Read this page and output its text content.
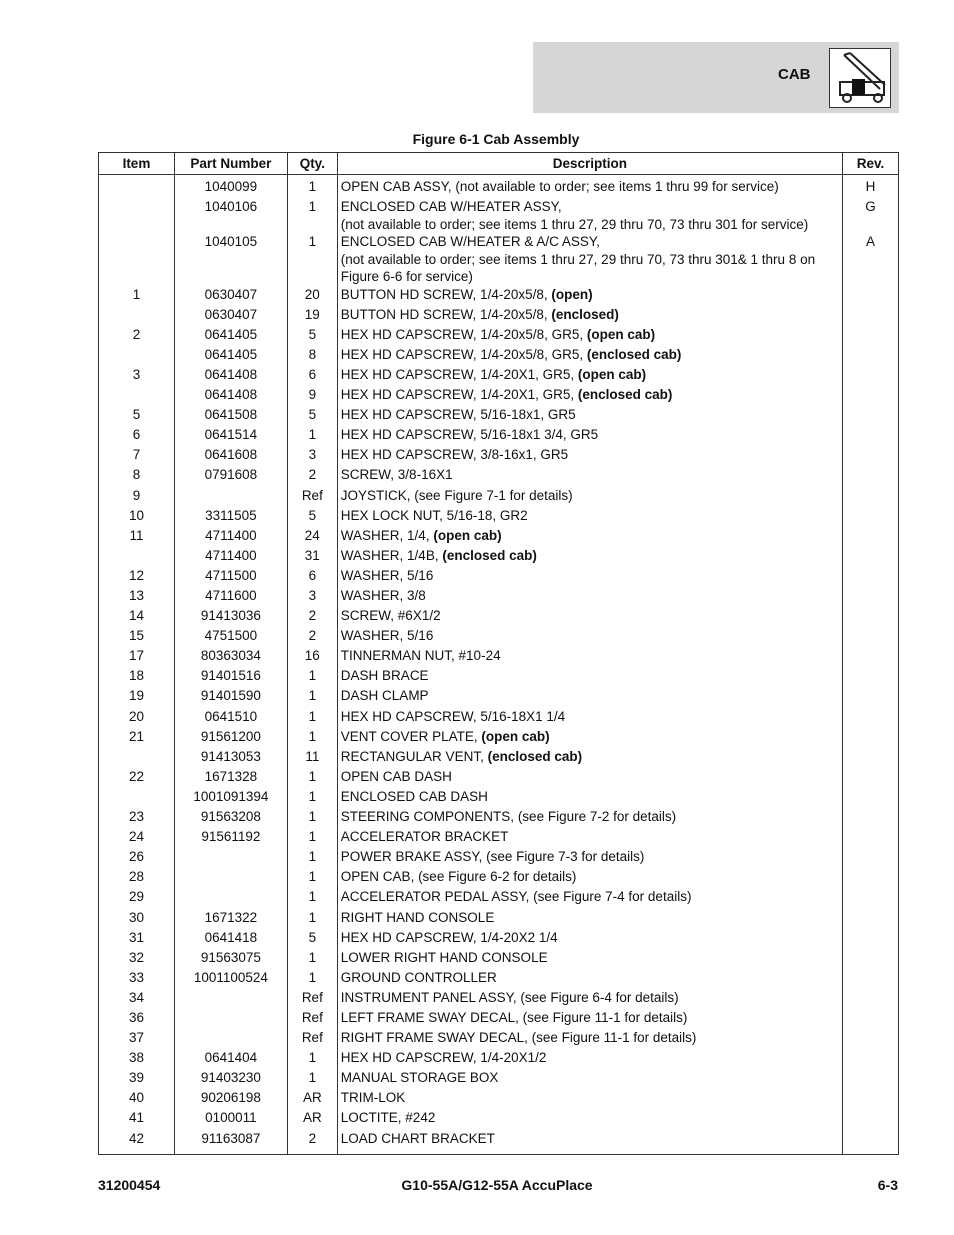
CAB
Figure 6-1 Cab Assembly
Item	Part Number	Qty.	Description	Rev.
	1040099	1	OPEN CAB ASSY, (not available to order; see items 1 thru 99 for service)	H
	1040106	1	ENCLOSED CAB W/HEATER ASSY,
(not available to order; see items 1 thru 27, 29 thru 70, 73 thru 301 for service)	G
	1040105	1	ENCLOSED CAB W/HEATER & A/C ASSY,
(not available to order; see items 1 thru 27, 29 thru 70, 73 thru 301& 1 thru 8 on Figure 6-6 for service)	A
1	0630407	20	BUTTON HD SCREW, 1/4-20x5/8, (open)	
	0630407	19	BUTTON HD SCREW, 1/4-20x5/8, (enclosed)	
2	0641405	5	HEX HD CAPSCREW, 1/4-20x5/8, GR5, (open cab)	
	0641405	8	HEX HD CAPSCREW, 1/4-20x5/8, GR5, (enclosed cab)	
3	0641408	6	HEX HD CAPSCREW, 1/4-20X1, GR5, (open cab)	
	0641408	9	HEX HD CAPSCREW, 1/4-20X1, GR5, (enclosed cab)	
5	0641508	5	HEX HD CAPSCREW, 5/16-18x1, GR5	
6	0641514	1	HEX HD CAPSCREW, 5/16-18x1 3/4, GR5	
7	0641608	3	HEX HD CAPSCREW, 3/8-16x1, GR5	
8	0791608	2	SCREW, 3/8-16X1	
9		Ref	JOYSTICK, (see Figure 7-1 for details)	
10	3311505	5	HEX LOCK NUT, 5/16-18, GR2	
11	4711400	24	WASHER, 1/4, (open cab)	
	4711400	31	WASHER, 1/4B, (enclosed cab)	
12	4711500	6	WASHER, 5/16	
13	4711600	3	WASHER, 3/8	
14	91413036	2	SCREW, #6X1/2	
15	4751500	2	WASHER, 5/16	
17	80363034	16	TINNERMAN NUT, #10-24	
18	91401516	1	DASH BRACE	
19	91401590	1	DASH CLAMP	
20	0641510	1	HEX HD CAPSCREW, 5/16-18X1 1/4	
21	91561200	1	VENT COVER PLATE, (open cab)	
	91413053	11	RECTANGULAR VENT, (enclosed cab)	
22	1671328	1	OPEN CAB DASH	
	1001091394	1	ENCLOSED CAB DASH	
23	91563208	1	STEERING COMPONENTS, (see Figure 7-2 for details)	
24	91561192	1	ACCELERATOR BRACKET	
26		1	POWER BRAKE ASSY, (see Figure 7-3 for details)	
28		1	OPEN CAB, (see Figure 6-2 for details)	
29		1	ACCELERATOR PEDAL ASSY, (see Figure 7-4 for details)	
30	1671322	1	RIGHT HAND CONSOLE	
31	0641418	5	HEX HD CAPSCREW, 1/4-20X2 1/4	
32	91563075	1	LOWER RIGHT HAND CONSOLE	
33	1001100524	1	GROUND CONTROLLER	
34		Ref	INSTRUMENT PANEL ASSY, (see Figure 6-4 for details)	
36		Ref	LEFT FRAME SWAY DECAL, (see Figure 11-1 for details)	
37		Ref	RIGHT FRAME SWAY DECAL, (see Figure 11-1 for details)	
38	0641404	1	HEX HD CAPSCREW, 1/4-20X1/2	
39	91403230	1	MANUAL STORAGE BOX	
40	90206198	AR	TRIM-LOK	
41	0100011	AR	LOCTITE, #242	
42	91163087	2	LOAD CHART BRACKET	
31200454	G10-55A/G12-55A AccuPlace	6-3
